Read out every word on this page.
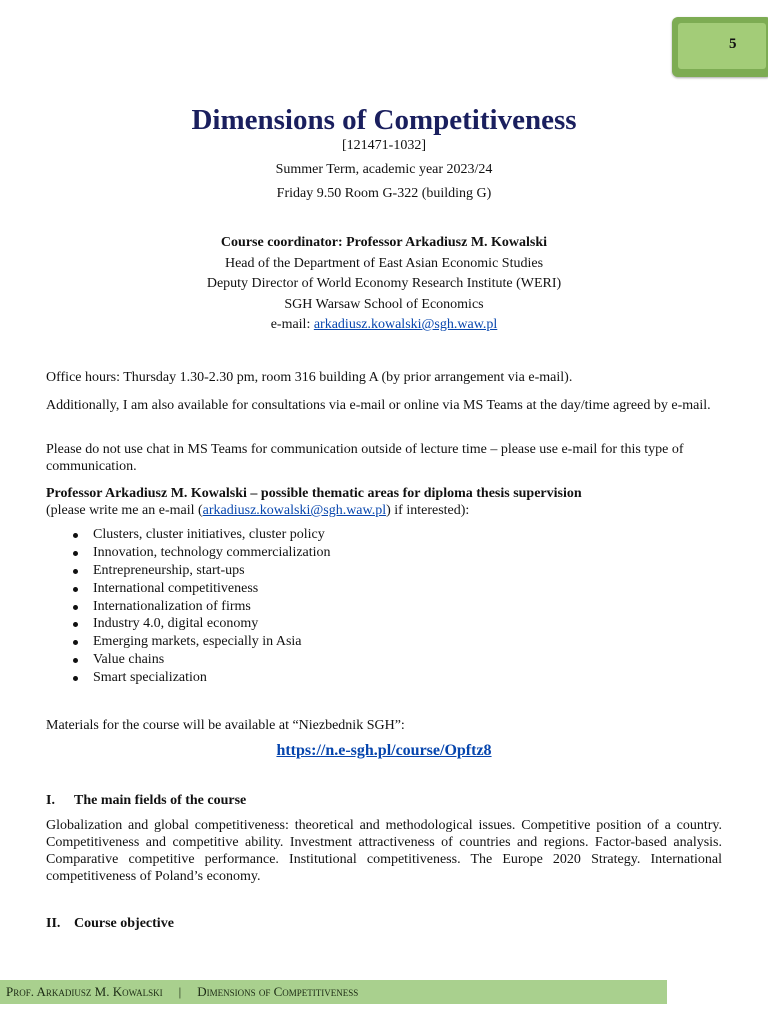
5
Dimensions of Competitiveness
[121471-1032]
Summer Term, academic year 2023/24
Friday 9.50 Room G-322 (building G)
Course coordinator: Professor Arkadiusz M. Kowalski
Head of the Department of East Asian Economic Studies
Deputy Director of World Economy Research Institute (WERI)
SGH Warsaw School of Economics
e-mail: arkadiusz.kowalski@sgh.waw.pl
Office hours: Thursday 1.30-2.30 pm, room 316 building A (by prior arrangement via e-mail).
Additionally, I am also available for consultations via e-mail or online via MS Teams at the day/time agreed by e-mail.
Please do not use chat in MS Teams for communication outside of lecture time – please use e-mail for this type of communication.
Professor Arkadiusz M. Kowalski – possible thematic areas for diploma thesis supervision
(please write me an e-mail (arkadiusz.kowalski@sgh.waw.pl) if interested):
Clusters, cluster initiatives, cluster policy
Innovation, technology commercialization
Entrepreneurship, start-ups
International competitiveness
Internationalization of firms
Industry 4.0, digital economy
Emerging markets, especially in Asia
Value chains
Smart specialization
Materials for the course will be available at “Niezbednik SGH”:
https://n.e-sgh.pl/course/Opftz8
I. The main fields of the course
Globalization and global competitiveness: theoretical and methodological issues. Competitive position of a country. Competitiveness and competitive ability. Investment attractiveness of countries and regions. Factor-based analysis. Comparative competitive performance. Institutional competitiveness. The Europe 2020 Strategy. International competitiveness of Poland’s economy.
II. Course objective
Prof. Arkadiusz M. Kowalski | Dimensions of Competitiveness
